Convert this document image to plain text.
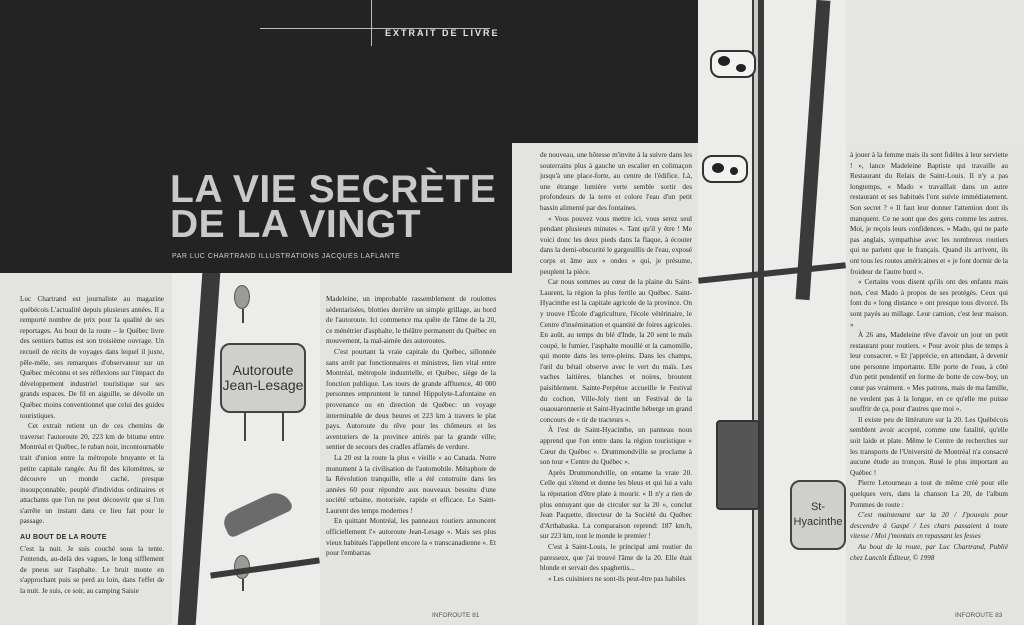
EXTRAIT DE LIVRE
LA VIE SECRÈTE
DE LA VINGT
PAR LUC CHARTRAND ILLUSTRATIONS JACQUES LAFLANTE
Autoroute Jean-Lesage
St-Hyacinthe

Luc Chartrand est journaliste au magazine québécois L'actualité depuis plusieurs années. Il a remporté nombre de prix pour la qualité de ses reportages. Au bout de la route – le Québec livre des sentiers battus est son troisième ouvrage. Un recueil de récits de voyages dans lequel il juxte, pêle-mêle, ses remarques d'observateur sur un Québec méconnu et ses réflexions sur l'impact du développement industriel touristique sur ses grands espaces. De fil en aiguille, se dévoile un Québec moins conventionnel que celui des guides touristiques.

Cet extrait retient un de ces chemins de traverse: l'autoroute 20, 223 km de bitume entre Montréal et Québec, le ruban noir, incontournable trait d'union entre la métropole bruyante et la petite capitale rangée. Au fil des kilomètres, se découvre un monde caché, presque insoupçonnable, peuplé d'individus ordinaires et attachants que l'on ne peut découvrir que si l'on s'arrête un instant dans ce lieu fait pour le passage.

AU BOUT DE LA ROUTE

C'est la nuit. Je suis couché sous la tente. J'entends, au-delà des vagues, le long sifflement de pneus sur l'asphalte. Le bruit monte en s'approchant puis se perd au loin, dans l'effet de la nuit. Je suis, ce soir, au camping Saisie

Madeleine, un improbable rassemblement de roulottes sédentarisées, blotties derrière un simple grillage, au bord de l'autoroute. Ici commence ma quête de l'âme de la 20, ce ménétrier d'asphalte, le théâtre permanent du Québec en mouvement, la mal-aimée des autoroutes.

C'est pourtant la vraie capitale du Québec, sillonnée sans arrêt par fonctionnaires et ministres, lien vital entre Montréal, métropole industrielle, et Québec, siège de la fonction publique. Les tours de grande affluence, 40 000 personnes empruntent le tunnel Hippolyte-Lafontaine en provenance ou en direction de Québec: un voyage interminable de deux heures et 223 km à travers le plat pays. Autoroute du rêve pour les chômeurs et les aventuriers de la province attirés par la grande ville; sentier de secours des cradles affamés de verdure.

La 20 est la route la plus « vieille » au Canada. Notre monument à la civilisation de l'automobile. Métaphore de la Révolution tranquille, elle a été construite dans les années 60 pour répondre aux nouveaux besoins d'une société urbaine, motorisée, rapide et efficace. Le Saint-Laurent des temps modernes !

En quittant Montréal, les panneaux routiers annoncent officiellement l'« autoroute Jean-Lesage ». Mais ses plus vieux habitués l'appellent encore la « transcanadienne ». Et pour l'embarras

de nouveau, une hôtesse m'invite à la suivre dans les souterrains plus à gauche un escalier en colimaçon jusqu'à une place-forte, au centre de l'édifice. Là, une étrange lumière verte semble sortir des profondeurs de la terre et colore l'eau d'un petit bassin alimenté par des fontaines.

« Vous pouvez vous mettre ici, vous serez seul pendant plusieurs minutes ». Tant qu'il y être ! Me voici donc les deux pieds dans la flaque, à écouter dans la demi-obscurité le gargouillis de l'eau, exposé corps et âme aux « ondes » qui, je présume, peuplent la pièce.

Car nous sommes au cœur de la plaine du Saint-Laurent, la région la plus fertile au Québec. Saint-Hyacinthe est la capitale agricole de la province. On y trouve l'École d'agriculture, l'école vétérinaire, le Centre d'insémination et quantité de foires agricoles. En août, au temps du blé d'Inde, la 20 sent le maïs coupé, le fumier, l'asphalte mouillé et la camomille, qui monte dans les terre-pleins. Dans les champs, l'œil du bétail observe avec le vert du maïs. Les vaches laitières, blanches et noires, broutent paisiblement. Sainte-Perpétue accueille le Festival du cochon, Ville-Joly tient un Festival de la ouaouaronnerie et Saint-Hyacinthe héberge un grand concours de « tir de tracteurs ».

À l'est de Saint-Hyacinthe, un panneau nous apprend que l'on entre dans la région touristique « Cœur du Québec ». Drummondville se proclame à son tour « Centre du Québec ».

Après Drummondville, on entame la vraie 20. Celle qui s'étend et donne les bleus et qui lui a valu la réputation d'être plate à mourir. « Il n'y a rien de plus ennuyant que de circuler sur la 20 », conclut Jean Paquette, directeur de la Société du Québec d'Arthabaska. La comparaison reprend: 187 km/h, sur 223 km, tout le monde le premier !

C'est à Saint-Louis, le principal ami routier du paresseux, que j'ai trouvé l'âme de la 20. Elle était blonde et servait des spaghettis...

« Les cuisiniers ne sont-ils peut-être pas habiles

à jouer à la femme mais ils sont fidèles à leur serviette ! », lance Madeleine Baptiste qui travaille au Restaurant du Relais de Saint-Louis. Il n'y a pas longtemps, « Mado » travaillait dans un autre restaurant et ses habitués l'ont suivie immédiatement. Son secret ? « Il faut leur donner l'attention dont ils manquent. Ce ne sont que des gens comme les autres. Moi, je reçois leurs confidences. » Mado, qui ne parle pas anglais, sympathise avec les nombreux routiers qui ne parlent que le français. Quand ils arrivent, ils ont tous les routes américaines et « je font dormir de la froideur de l'autre bord ».

« Certains vous disent qu'ils ont des enfants mais non, c'est Mado à propos de ses protégés. Ceux qui font du « long distance » ont presque tous divorcé. Ils sont payés au millage. Leur camion, c'est leur maison. »

À 26 ans, Madeleine rêve d'avoir un jour un petit restaurant pour routiers. « Pour avoir plus de temps à leur consacrer. » Et j'apprécie, en attendant, à devenir une personne importante. Elle porte de l'eau, à côté d'un petit pendentif en forme de botte de cow-boy, un cœur pas vraiment. « Mes patrons, mais de ma famille, ne veulent pas à la longue, en ce qu'elle me puisse souffrir de ça, pour d'autres que moi ».

Il existe peu de littérature sur la 20. Les Québécois semblent avoir accepté, comme une fatalité, qu'elle soit laide et plate. Même le Centre de recherches sur les transports de l'Université de Montréal n'a consacré aucune étude au tronçon. Rusé le plus important au Québec !

Pierre Letourneau a tout de même créé pour elle quelques vers, dans la chanson La 20, de l'album Pommes de route :

C'est maintenant sur la 20 / J'pouvais pour descendre à Gaspé / Les chars passaient à toute vitesse / Moi j'montais en repassant les fesses

Au bout de la route, par Luc Chartrand, Publié chez Lanctôt Éditeur, © 1998

INFOROUTE 81	INFOROUTE 83
